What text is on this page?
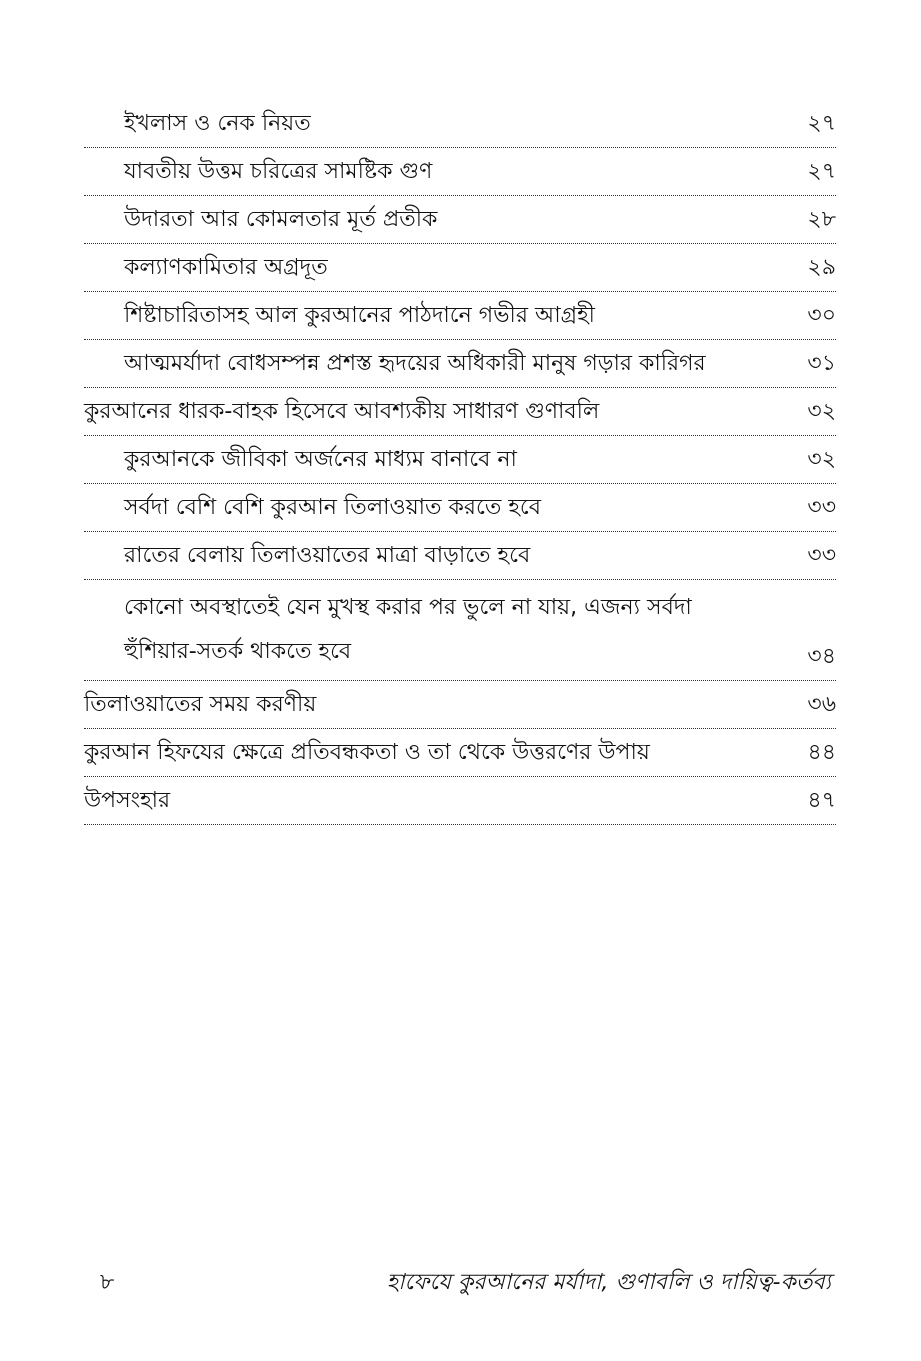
ইখলাস ও নেক নিয়ত	২৭
যাবতীয় উত্তম চরিত্রের সামষ্টিক গুণ	২৭
উদারতা আর কোমলতার মূর্ত প্রতীক	২৮
কল্যাণকামিতার অগ্রদূত	২৯
শিষ্টাচারিতাসহ আল কুরআনের পাঠদানে গভীর আগ্রহী	৩০
আত্মমর্যাদা বোধসম্পন্ন প্রশস্ত হৃদয়ের অধিকারী মানুষ গড়ার কারিগর	৩১
কুরআনের ধারক-বাহক হিসেবে আবশ্যকীয় সাধারণ গুণাবলি	৩২
কুরআনকে জীবিকা অর্জনের মাধ্যম বানাবে না	৩২
সর্বদা বেশি বেশি কুরআন তিলাওয়াত করতে হবে	৩৩
রাতের বেলায় তিলাওয়াতের মাত্রা বাড়াতে হবে	৩৩
কোনো অবস্থাতেই যেন মুখস্থ করার পর ভুলে না যায়, এজন্য সর্বদা হুঁশিয়ার-সতর্ক থাকতে হবে	৩৪
তিলাওয়াতের সময় করণীয়	৩৬
কুরআন হিফযের ক্ষেত্রে প্রতিবন্ধকতা ও তা থেকে উত্তরণের উপায়	৪৪
উপসংহার	৪৭
৮	হাফেযে কুরআনের মর্যাদা, গুণাবলি ও দায়িত্ব-কর্তব্য
